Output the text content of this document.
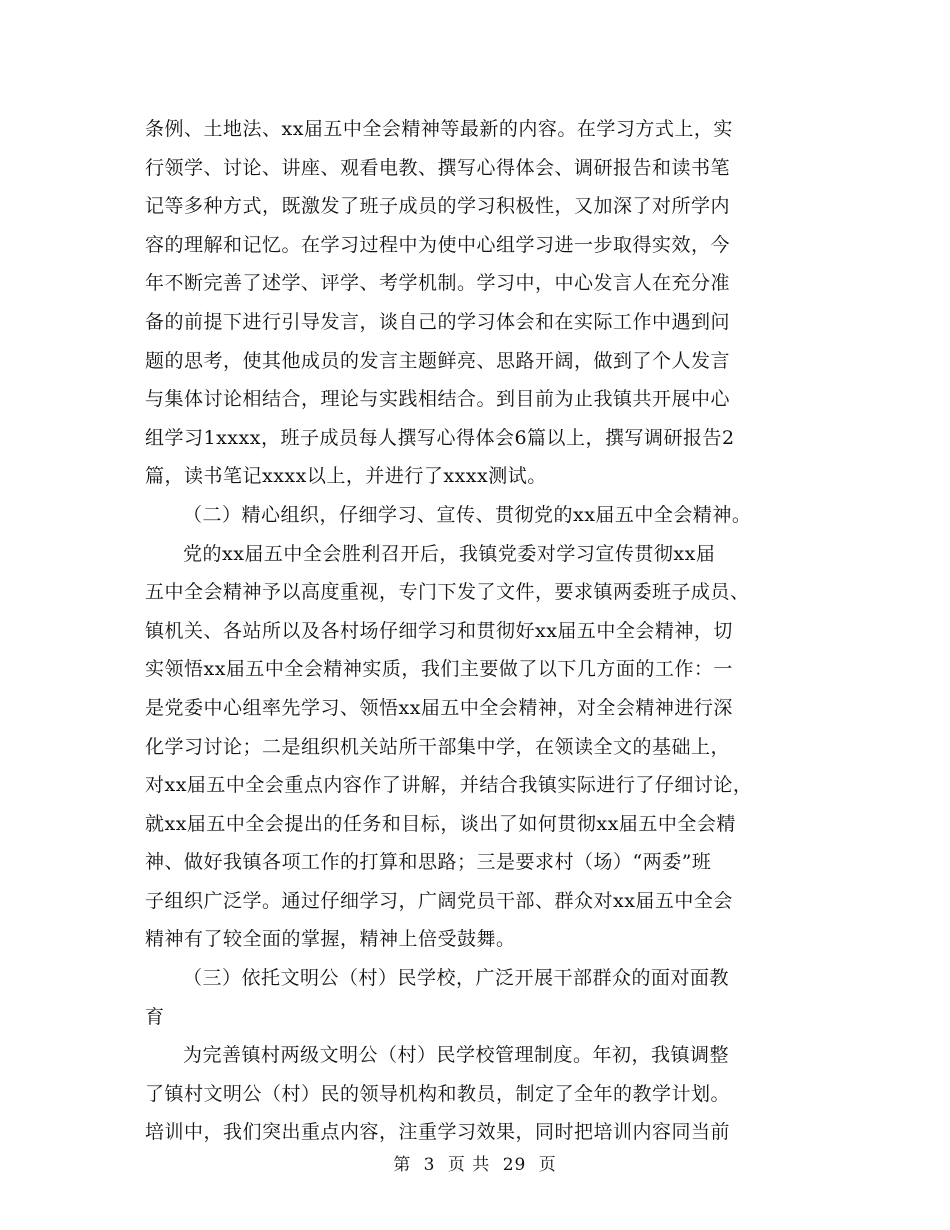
条例、土地法、xx届五中全会精神等最新的内容。在学习方式上，实
行领学、讨论、讲座、观看电教、撰写心得体会、调研报告和读书笔
记等多种方式，既激发了班子成员的学习积极性，又加深了对所学内
容的理解和记忆。在学习过程中为使中心组学习进一步取得实效，今
年不断完善了述学、评学、考学机制。学习中，中心发言人在充分准
备的前提下进行引导发言，谈自己的学习体会和在实际工作中遇到问
题的思考，使其他成员的发言主题鲜亮、思路开阔，做到了个人发言
与集体讨论相结合，理论与实践相结合。到目前为止我镇共开展中心
组学习1xxxx，班子成员每人撰写心得体会6篇以上，撰写调研报告2
篇，读书笔记xxxx以上，并进行了xxxx测试。
（二）精心组织，仔细学习、宣传、贯彻党的xx届五中全会精神。
党的xx届五中全会胜利召开后，我镇党委对学习宣传贯彻xx届
五中全会精神予以高度重视，专门下发了文件，要求镇两委班子成员、
镇机关、各站所以及各村场仔细学习和贯彻好xx届五中全会精神，切
实领悟xx届五中全会精神实质，我们主要做了以下几方面的工作：一
是党委中心组率先学习、领悟xx届五中全会精神，对全会精神进行深
化学习讨论；二是组织机关站所干部集中学，在领读全文的基础上，
对xx届五中全会重点内容作了讲解，并结合我镇实际进行了仔细讨论，
就xx届五中全会提出的任务和目标，谈出了如何贯彻xx届五中全会精
神、做好我镇各项工作的打算和思路；三是要求村（场）“两委”班
子组织广泛学。通过仔细学习，广阔党员干部、群众对xx届五中全会
精神有了较全面的掌握，精神上倍受鼓舞。
（三）依托文明公（村）民学校，广泛开展干部群众的面对面教
育
为完善镇村两级文明公（村）民学校管理制度。年初，我镇调整
了镇村文明公（村）民的领导机构和教员，制定了全年的教学计划。
培训中，我们突出重点内容，注重学习效果，同时把培训内容同当前
第 3 页 共 29 页
